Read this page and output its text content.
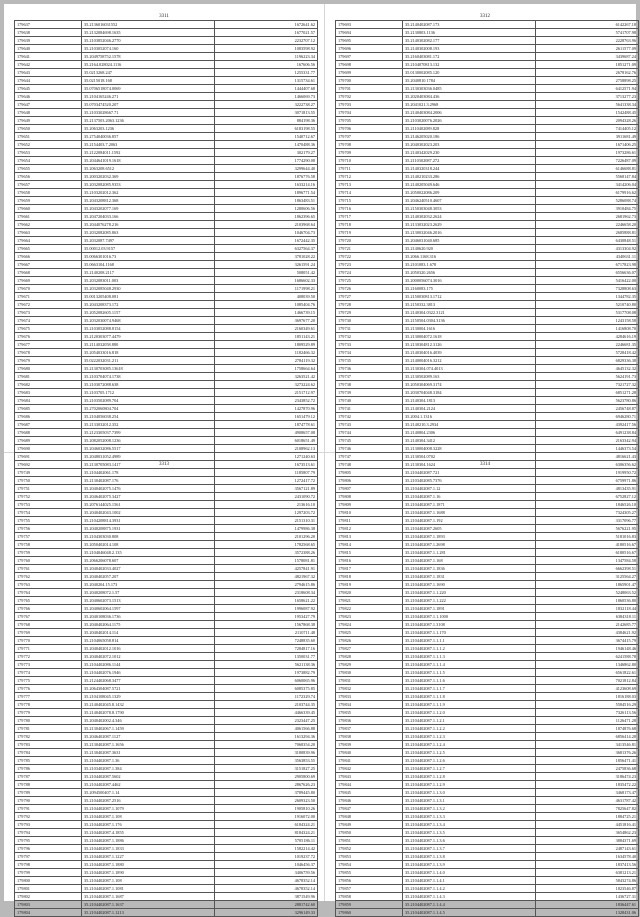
3311
179637	35.2136016031552	1672641.62
179638	35.2132084698.1635	1677021.57
179639	35.2103852046.2770	2232707.12
179640	35.2103052074.160	1083598.92
179641	35.2049758752.1578	1196223.34
179642	35.2164.028024.1116	167606.56
179643	35.0213268.247	1255331.77
179644	35.0215018.168	1315734.61
179645	35.0706518074.0069	1444407.68
179646	35.2104165246.271	1466069.73
179647	35.0703474520.207	3222738.27
179648	35.21033028667.71	3071813.55
179649	35.2137503.2063.1236	884198.36
179650	35.2063203.1236	6183198.55
179651	35.2754040036.857	1540712.67
179652	35.2154403.7.2063	1470488.36
179653	35.2122084011.1592	302179.27
179654	35.2044641019.1618	1774290.08
179655	35.2063208.6512	3299644.40
179656	35.2003202032.369	1876776.58
179657	35.2032082085.9353	1633214.16
179658	35.2103202012.362	1896771.54
179659	35.2043208812.368	1863483.51
179660	35.2043202077.169	1280606.56
179661	35.2047204033.166	1862396.65
179662	35.2044076278.216	2103968.64
179663	35.2032082085.863	1046704.73
179664	35.2032087.7497	1672442.35
179665	35.00012.03.9157	6327564.37
179666	35.0066301016.73	3781028.22
179667	35.0663104.1168	3261591.24
179668	35.2140208.2117	508051.42
179669	35.2032083011.003	1686602.33
179670	35.2032085048.2930	1171998.21
179671	35.0013205408.081	408039.50
179672	35.2043208373.172	1085404.76
179673	35.2052082605.1157	1466739.15
179674	35.2032030074.9468	3697677.20
179675	35.2103052088.8154	2160349.61
179676	35.2120303077.4479	1851143.21
179677	35.2114032058.880	1809529.89
179678	35.2054033016.818	1182466.32
179679	35.0222032031.211	2784119.32
179680	35.2130703085.13618	1758664.64
179681	35.2103704074.1738	3263521.42
179682	35.2103072088.638	3273224.62
179683	35.2103705.1712	2151712.97
179684	35.2103502089.704	2343852.72
179685	35.2702060804.704	1427870.96
179686	35.2104056038.254	1651479.12
179687	35.2133032012.352	1874778.61
179688	35.2123305037.7399	4908657.08
179689	35.2082052008.1236	6018651.49
179690	35.2046032086.5517	2108962.13
179691	35.2048031052.4989	1271240.63
179692	35.2130705083.1417	1673513.61
3312
179693	35.2140402087.173	6142267.18
179694	35.2130803.1136	5741707.98
179695	35.2140302082.177	2228763.96
179696	35.2140302008.193	2611577.09
179697	35.2160403081.172	3439687.24
179698	35.2104070813.132	1851271.09
179699	35.0130002085.120	2678162.76
179700	35.2040810.1784	2758898.25
179701	35.2130303036.0485	6412571.94
179702	35.2020403084.436	3713277.23
179703	35.2041021.3.2968	5641338.34
179704	35.2140403084.2006	1542488.45
179705	35.2103020076.2026	2094328.26
179706	35.2110402089.828	7414405.12
179707	35.2146205020.186	3911681.49
179708	35.2040302023.203	1671406.25
179709	35.2140342029.230	1973286.61
179710	35.2110302087.272	7226487.09
179711	35.2140320318.244	6146688.81
179712	35.2140210233.286	5568147.84
179713	35.2140205049.646	3414206.04
179714	35.2050022086.209	6179916.62
179715	35.2046240510.4607	5286088.74
179716	35.2150303048.3053	3910484.75
179717	35.2140302032.2624	2681962.73
179718	35.2133032023.2629	2246658.20
179719	35.2130032046.2016	2685888.81
179720	35.2046031040.685	6430848.51
179721	35.2140620.920	4313304.92
179722	35.2066.1168.316	4340631.11
179723	35.2101083.1.678	6717823.98
179724	35.2050320.2656	6556636.07
179725	35.2000056074.3016	5416422.00
179726	35.2160083.175	7328808.63
179727	35.2150030813.1712	1344782.35
179728	35.2150332.3813	5210740.80
179729	35.2140304.0322.3121	5317708.08
179730	35.2150504.0304.3136	1243158.58
179731	35.2130004.1616	1416808.70
179732	35.2130004072.1618	4284616.19
179733	35.2130304812.3126	2246681.35
179734	35.2140304016.4039	5728418.42
179735	35.2140004016.3212	6829336.38
179736	35.2130304.074.4013	4645132.32
179737	35.2130502089.163	5624191.73
179738	35.2050304069.3174	7321727.32
179739	35.2030704048.3184	6851271.28
179740	35.2140304.1813	5623780.86
179741	35.2140304.2124	2456748.87
179742	35.2004.1.1316	6946280.71
179743	35.2140210.3.2934	4392417.56
179744	35.2140804.2306	6491238.84
179745	35.2140304.3412	2163342.94
179746	35.2130004008.3228	1446373.54
179747	35.2130504.0702	4816621.43
179748	35.2130304.1624	6306356.62
3313
179749	35.2104402061.178	1185807.79
179750	35.2130402087.176	1272417.72
179751	35.2040402075.1476	3567121.89
179752	35.2046402075.3427	2431090.72
179753	35.2076144025.1561	213616.10
179754	35.2040402043.1002	1297203.72
179755	35.2104208814.3931	2151310.31
179756	35.2040208875.1931	1479986.38
179757	35.2104303030.808	2101296.20
179758	35.2050402014.108	1782568.65
179759	35.2104046048.2.135	3572388.26
179760	35.2066206078.607	1578081.81
179761	35.2040402033.4027	4257841.91
179762	35.2040402057.207	4821967.32
179763	35.2040204.15.173	2794615.86
179764	35.2040208072.1.57	2318608.34
179765	35.2040602073.1513	1658621.22
179766	35.2040602064.1597	1996087.92
179767	35.2040108036.1736	1953427.79
179768	35.2040402064.1175	1567868.38
179769	35.2040402014.114	2110711.48
179770	35.2104065058.814	7248835.60
179771	35.2040402012.1016	7284817.16
179772	35.2040402072.1012	1350031.77
179773	35.2104402086.1144	5621138.36
179774	35.2104402076.1946	1973882.79
179775	35.2124402068.3477	6060065.96
179776	35.2064304087.5721	6085375.85
179777	35.2104108045.1329	1172329.74
179778	35.2140402045.8.1432	2103744.35
179779	35.2140402078.8.1790	4466339.45
179780	35.2040402002.4.346	2323447.25
179781	35.2130402067.1.1459	4061566.88
179782	35.2046402087.1127	1613294.36
179783	35.2130402087.1.1656	7068354.20
179784	35.2130402087.3631	3180839.96
179785	35.2104402087.1.36	3563853.55
179786	35.2103402087.1.384	3151827.25
179787	35.2104402087.5602	2905800.69
179788	35.2104402087.4462	2867626.23
179789	35.2094500407.1.14	3789445.80
179790	35.2104402087.2516	2609323.50
179791	35.2104402087.1.1079	1905810.26
179792	35.2104402087.1.108	1916072.00
179793	35.2104402087.1.176	6184324.21
179794	35.2104402087.4.1855	8184324.21
179795	35.2104402087.1.1886	5705186.11
179796	35.2104402087.1.1833	1582214.42
179797	35.2104402087.1.1227	1019237.72
179798	35.2104402087.1.1880	1046456.37
179799	35.2104402087.1.1890	3406759.56
179800	35.2104402087.1.108	4678352.14
179801	35.2104402087.1.1081	4678352.14
179802	35.2104402087.1.1687	3871549.96
179803	35.2104402087.1.1637	2881742.60
179804	35.2104402087.1.1213	3296149.33
3314
179805	35.2104402087.721	1919950.72
179806	35.2103402085.7376	6759971.86
179807	35.2104402087.1.12	4813435.91
179808	35.2104402087.1.16	6752827.12
179809	35.2104402087.1.1871	1846526.10
179810	35.2104402087.1.1688	7324305.27
179811	35.2104402087.1.192	3317096.77
179812	35.2104402087.2605	5676221.95
179813	35.2104402087.1.1893	5181016.83
179814	35.2104402087.1.2698	4180516.67
179815	35.2104402087.1.1.281	6180516.67
179816	35.2104402087.1.168	1347584.58
179817	35.2104402087.1.1836	6662398.51
179818	35.2104402087.1.1831	3125564.27
179819	35.2104402087.1.1690	1865901.47
179820	35.2104402087.1.1.220	5248063.52
179821	35.2104402087.1.1.222	1860536.80
179822	35.2104402087.1.1891	1832118.44
179823	35.2104402087.1.1.1000	6384318.11
179824	35.2104402087.1.3108	2142685.77
179825	35.2104402087.1.1.170	4384621.92
179826	35.2104402087.1.1.1.1	3674415.79
179827	35.2104402087.1.1.1.2	1946148.46
179828	35.2104402087.1.1.1.3	6241588.78
179829	35.2104402087.1.1.1.4	1346862.80
179830	35.2104402087.1.1.1.5	6561822.61
179831	35.2104402087.1.1.1.6	7021812.84
179832	35.2104402087.1.1.1.7	4123608.69
179833	35.2104402087.1.1.1.8	1816188.03
179834	35.2104402087.1.1.1.9	5584516.29
179835	35.2104402087.1.1.2.0	7326113.56
179836	35.2104402087.1.1.2.1	1126471.28
179837	35.2104402087.1.1.2.2	1874876.68
179838	35.2104402087.1.1.2.3	6856414.28
179839	35.2104402087.1.1.2.4	3413546.81
179840	35.2104402087.1.1.2.5	3681376.26
179841	35.2104402087.1.1.2.6	1856471.41
179842	35.2104402087.1.1.2.7	2475836.68
179843	35.2104402087.1.1.2.8	3186474.23
179844	35.2104402087.1.1.2.9	1835472.22
179845	35.2104402087.1.1.3.0	3468173.47
179846	35.2104402087.1.1.3.1	4631787.42
179847	35.2104402087.1.1.3.2	7825647.82
179848	35.2104402087.1.1.3.3	1884725.21
179849	35.2104402087.1.1.3.4	4451816.41
179850	35.2104402087.1.1.3.5	3654862.23
179851	35.2104402087.1.1.3.6	3884371.69
179852	35.2104402087.1.1.3.7	2487143.61
179853	35.2104402087.1.1.3.8	1634578.40
179854	35.2104402087.1.1.3.9	1837413.56
179855	35.2104402087.1.1.4.0	6381213.21
179856	35.2104402087.1.1.4.1	5843274.86
179857	35.2104402087.1.1.4.2	1823546.87
179858	35.2104402087.1.1.4.3	1436727.31
179859	35.2104402087.1.1.4.4	1836447.61
179860	35.2104402087.1.1.4.5	1328431.06
